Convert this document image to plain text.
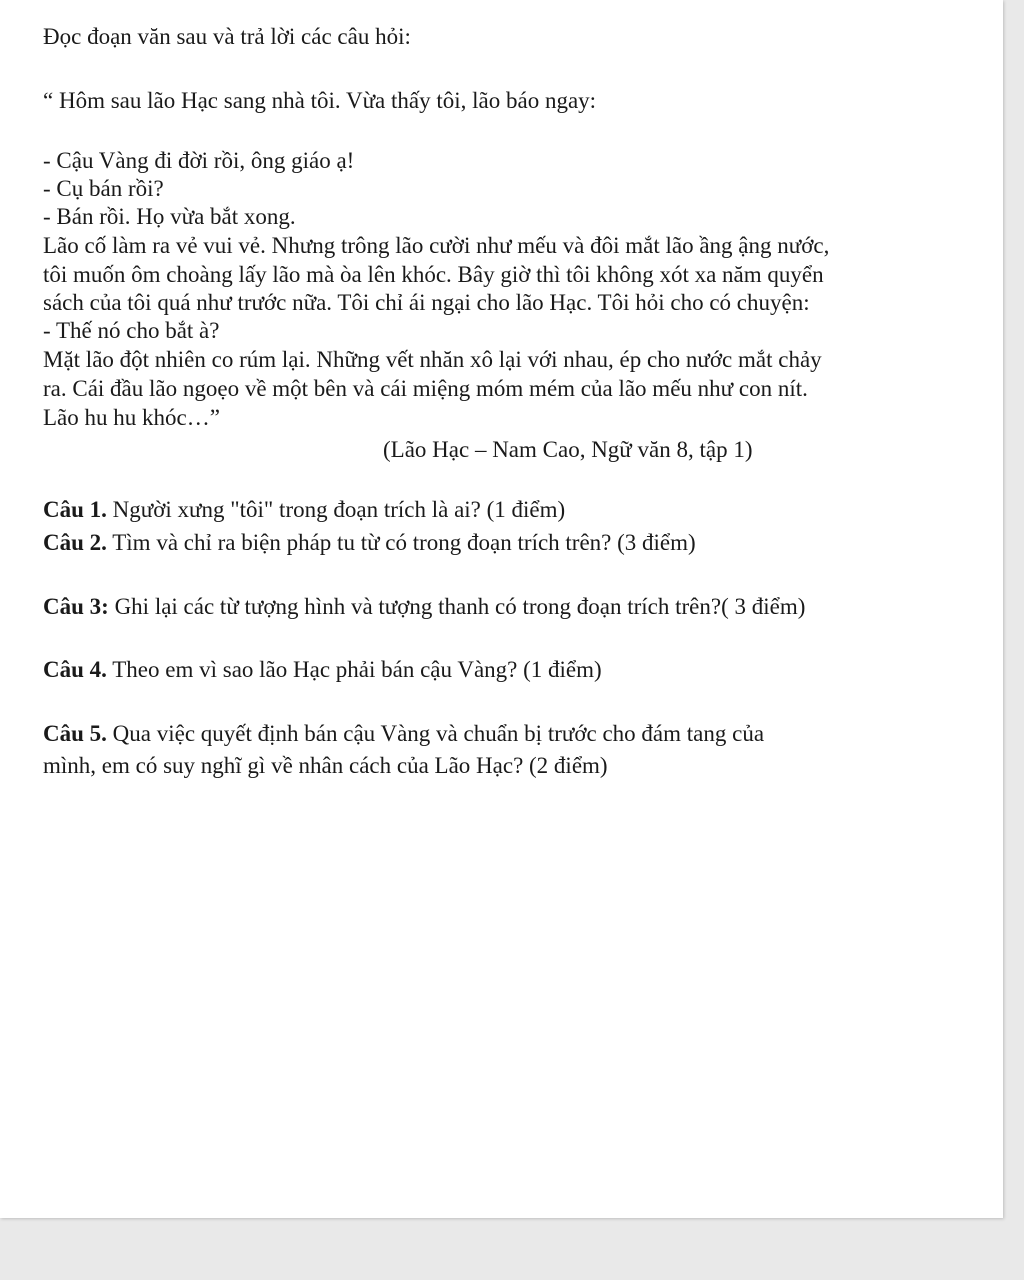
Đọc đoạn văn sau và trả lời các câu hỏi:
“ Hôm sau lão Hạc sang nhà tôi. Vừa thấy tôi, lão báo ngay:
- Cậu Vàng đi đời rồi, ông giáo ạ!
- Cụ bán rồi?
- Bán rồi. Họ vừa bắt xong.
Lão cố làm ra vẻ vui vẻ. Nhưng trông lão cười như mếu và đôi mắt lão ầng ậng nước,
tôi muốn ôm choàng lấy lão mà òa lên khóc. Bây giờ thì tôi không xót xa năm quyển
sách của tôi quá như trước nữa. Tôi chỉ ái ngại cho lão Hạc. Tôi hỏi cho có chuyện:
- Thế nó cho bắt à?
Mặt lão đột nhiên co rúm lại. Những vết nhăn xô lại với nhau, ép cho nước mắt chảy
ra. Cái đầu lão ngoẹo về một bên và cái miệng móm mém của lão mếu như con nít.
Lão hu hu khóc…”
(Lão Hạc – Nam Cao, Ngữ văn 8, tập 1)
Câu 1. Người xưng "tôi" trong đoạn trích là ai? (1 điểm)
Câu 2. Tìm và chỉ ra biện pháp tu từ có trong đoạn trích trên? (3 điểm)
Câu 3: Ghi lại các từ tượng hình và tượng thanh có trong đoạn trích trên?( 3 điểm)
Câu 4. Theo em vì sao lão Hạc phải bán cậu Vàng? (1 điểm)
Câu 5. Qua việc quyết định bán cậu Vàng và chuẩn bị trước cho đám tang của
mình, em có suy nghĩ gì về nhân cách của Lão Hạc? (2 điểm)
